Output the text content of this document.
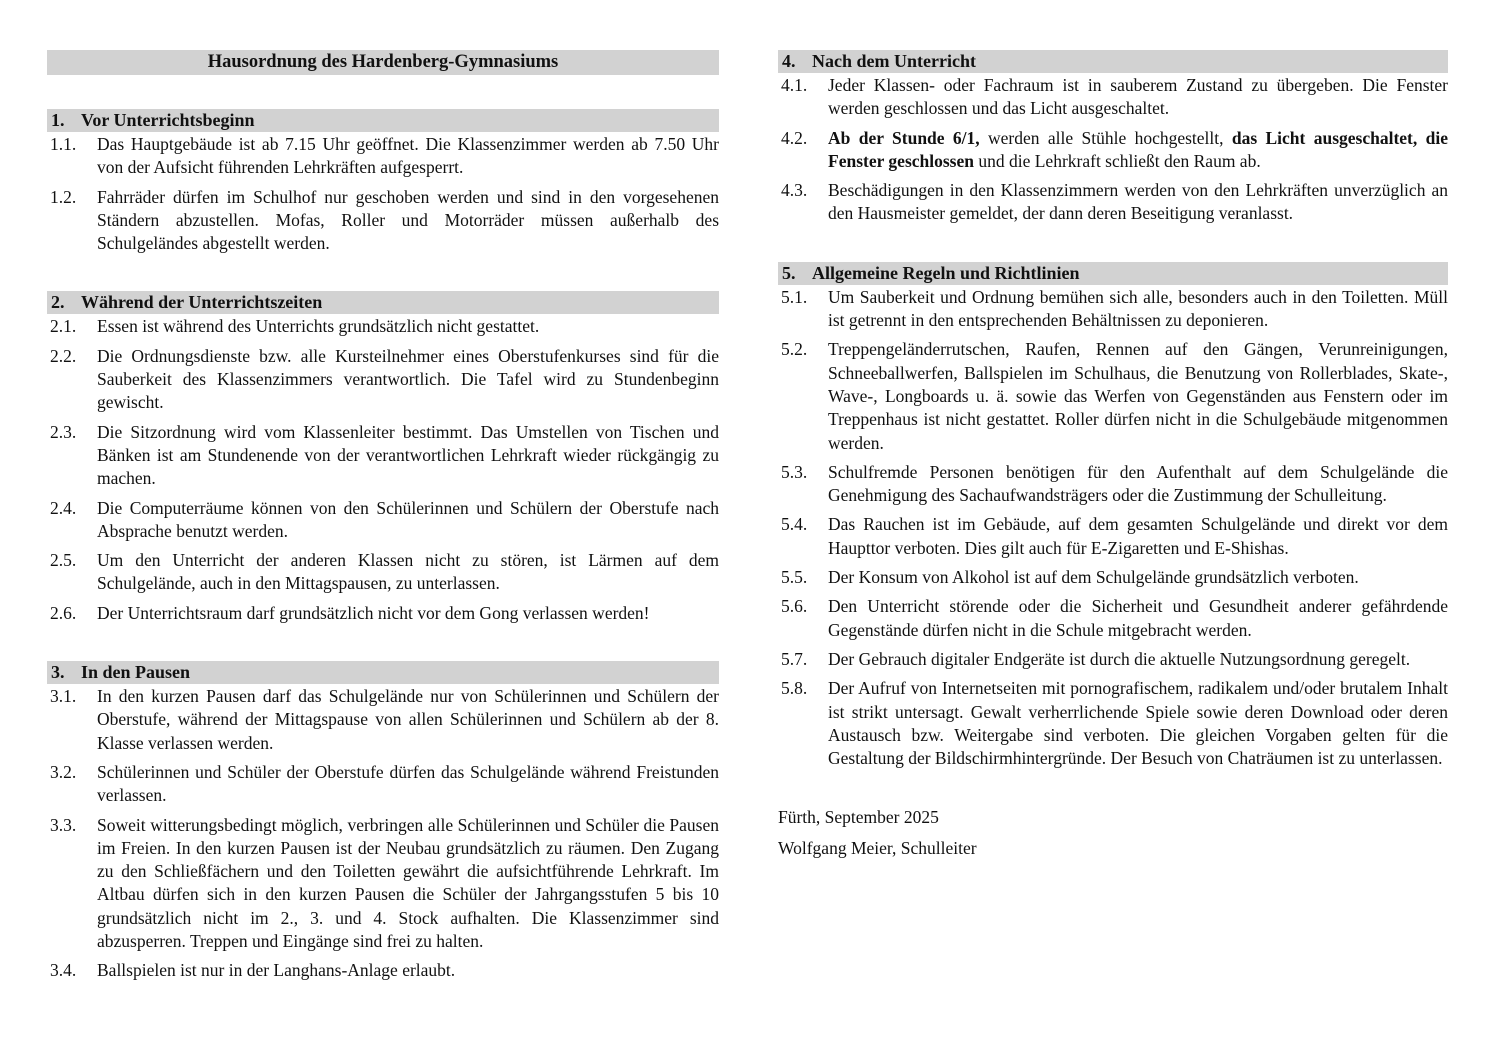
Hausordnung des Hardenberg-Gymnasiums
1. Vor Unterrichtsbeginn
1.1.	Das Hauptgebäude ist ab 7.15 Uhr geöffnet. Die Klassenzimmer werden ab 7.50 Uhr von der Aufsicht führenden Lehrkräften aufgesperrt.
1.2.	Fahrräder dürfen im Schulhof nur geschoben werden und sind in den vorgesehenen Ständern abzustellen. Mofas, Roller und Motorräder müssen außerhalb des Schulgeländes abgestellt werden.
2. Während der Unterrichtszeiten
2.1.	Essen ist während des Unterrichts grundsätzlich nicht gestattet.
2.2.	Die Ordnungsdienste bzw. alle Kursteilnehmer eines Oberstufenkurses sind für die Sauberkeit des Klassenzimmers verantwortlich. Die Tafel wird zu Stundenbeginn gewischt.
2.3.	Die Sitzordnung wird vom Klassenleiter bestimmt. Das Umstellen von Tischen und Bänken ist am Stundenende von der verantwortlichen Lehrkraft wieder rückgängig zu machen.
2.4.	Die Computerräume können von den Schülerinnen und Schülern der Oberstufe nach Absprache benutzt werden.
2.5.	Um den Unterricht der anderen Klassen nicht zu stören, ist Lärmen auf dem Schulgelände, auch in den Mittagspausen, zu unterlassen.
2.6.	Der Unterrichtsraum darf grundsätzlich nicht vor dem Gong verlassen werden!
3. In den Pausen
3.1.	In den kurzen Pausen darf das Schulgelände nur von Schülerinnen und Schülern der Oberstufe, während der Mittagspause von allen Schülerinnen und Schülern ab der 8. Klasse verlassen werden.
3.2.	Schülerinnen und Schüler der Oberstufe dürfen das Schulgelände während Freistunden verlassen.
3.3.	Soweit witterungsbedingt möglich, verbringen alle Schülerinnen und Schüler die Pausen im Freien. In den kurzen Pausen ist der Neubau grundsätzlich zu räumen. Den Zugang zu den Schließfächern und den Toiletten gewährt die aufsichtführende Lehrkraft. Im Altbau dürfen sich in den kurzen Pausen die Schüler der Jahrgangsstufen 5 bis 10 grundsätzlich nicht im 2., 3. und 4. Stock aufhalten. Die Klassenzimmer sind abzusperren. Treppen und Eingänge sind frei zu halten.
3.4.	Ballspielen ist nur in der Langhans-Anlage erlaubt.
4. Nach dem Unterricht
4.1.	Jeder Klassen- oder Fachraum ist in sauberem Zustand zu übergeben. Die Fenster werden geschlossen und das Licht ausgeschaltet.
4.2.	Ab der Stunde 6/1, werden alle Stühle hochgestellt, das Licht ausgeschaltet, die Fenster geschlossen und die Lehrkraft schließt den Raum ab.
4.3.	Beschädigungen in den Klassenzimmern werden von den Lehrkräften unverzüglich an den Hausmeister gemeldet, der dann deren Beseitigung veranlasst.
5. Allgemeine Regeln und Richtlinien
5.1.	Um Sauberkeit und Ordnung bemühen sich alle, besonders auch in den Toiletten. Müll ist getrennt in den entsprechenden Behältnissen zu deponieren.
5.2.	Treppengeländerrutschen, Raufen, Rennen auf den Gängen, Verunreinigungen, Schneeballwerfen, Ballspielen im Schulhaus, die Benutzung von Rollerblades, Skate-, Wave-, Longboards u. ä. sowie das Werfen von Gegenständen aus Fenstern oder im Treppenhaus ist nicht gestattet. Roller dürfen nicht in die Schulgebäude mitgenommen werden.
5.3.	Schulfremde Personen benötigen für den Aufenthalt auf dem Schulgelände die Genehmigung des Sachaufwandsträgers oder die Zustimmung der Schulleitung.
5.4.	Das Rauchen ist im Gebäude, auf dem gesamten Schulgelände und direkt vor dem Haupttor verboten. Dies gilt auch für E-Zigaretten und E-Shishas.
5.5.	Der Konsum von Alkohol ist auf dem Schulgelände grundsätzlich verboten.
5.6.	Den Unterricht störende oder die Sicherheit und Gesundheit anderer gefährdende Gegenstände dürfen nicht in die Schule mitgebracht werden.
5.7.	Der Gebrauch digitaler Endgeräte ist durch die aktuelle Nutzungsordnung geregelt.
5.8.	Der Aufruf von Internetseiten mit pornografischem, radikalem und/oder brutalem Inhalt ist strikt untersagt. Gewalt verherrlichende Spiele sowie deren Download oder deren Austausch bzw. Weitergabe sind verboten. Die gleichen Vorgaben gelten für die Gestaltung der Bildschirmhintergründe. Der Besuch von Chaträumen ist zu unterlassen.
Fürth, September 2025
Wolfgang Meier, Schulleiter
